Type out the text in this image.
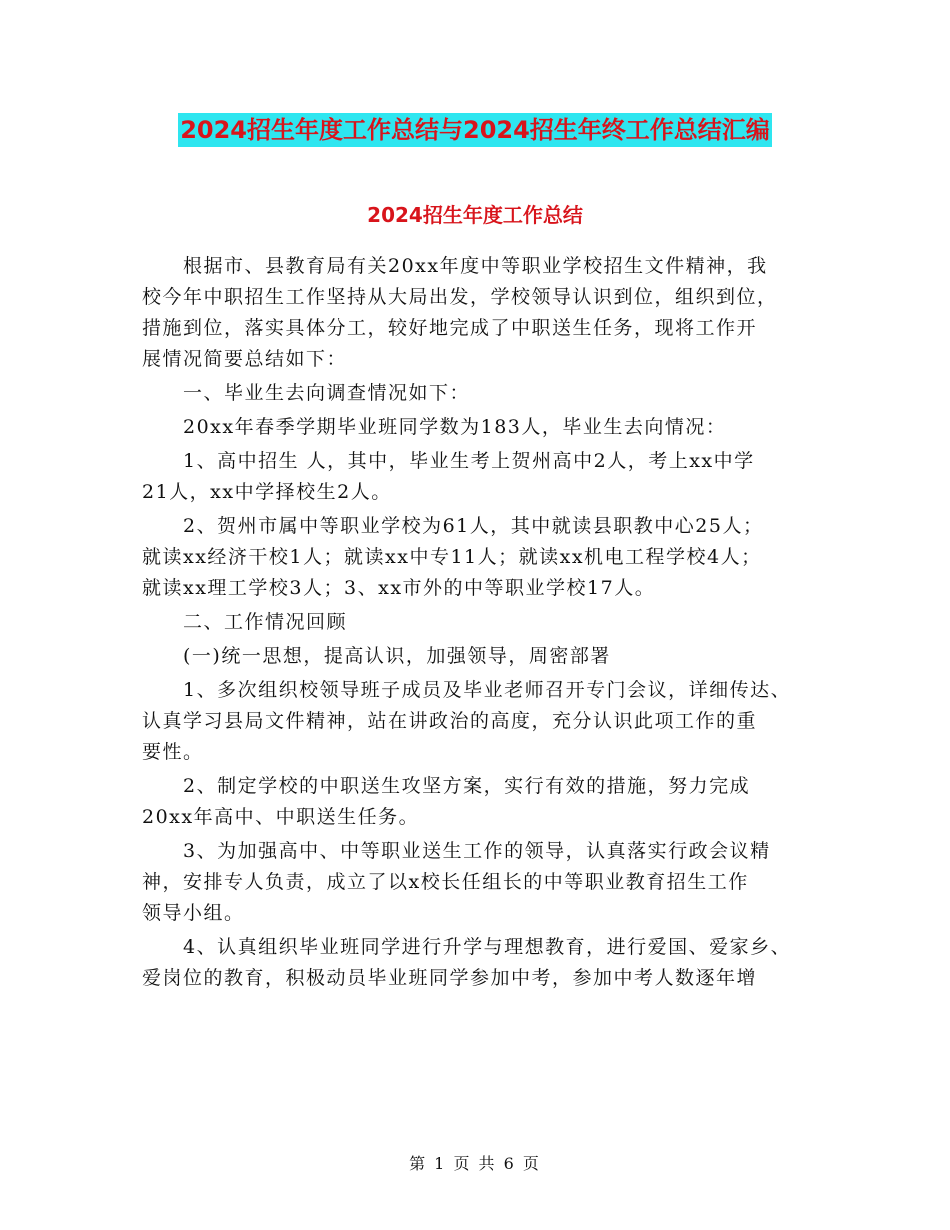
2024招生年度工作总结与2024招生年终工作总结汇编
2024招生年度工作总结
　　根据市、县教育局有关20xx年度中等职业学校招生文件精神，我
校今年中职招生工作坚持从大局出发，学校领导认识到位，组织到位，
措施到位，落实具体分工，较好地完成了中职送生任务，现将工作开
展情况简要总结如下：
　　一、毕业生去向调查情况如下：
　　20xx年春季学期毕业班同学数为183人，毕业生去向情况：
　　1、高中招生 人，其中，毕业生考上贺州高中2人，考上xx中学
21人，xx中学择校生2人。
　　2、贺州市属中等职业学校为61人，其中就读县职教中心25人；
就读xx经济干校1人；就读xx中专11人；就读xx机电工程学校4人；
就读xx理工学校3人；3、xx市外的中等职业学校17人。
　　二、工作情况回顾
　　(一)统一思想，提高认识，加强领导，周密部署
　　1、多次组织校领导班子成员及毕业老师召开专门会议，详细传达、
认真学习县局文件精神，站在讲政治的高度，充分认识此项工作的重
要性。
　　2、制定学校的中职送生攻坚方案，实行有效的措施，努力完成
20xx年高中、中职送生任务。
　　3、为加强高中、中等职业送生工作的领导，认真落实行政会议精
神，安排专人负责，成立了以x校长任组长的中等职业教育招生工作
领导小组。
　　4、认真组织毕业班同学进行升学与理想教育，进行爱国、爱家乡、
爱岗位的教育，积极动员毕业班同学参加中考，参加中考人数逐年增
第 1 页 共 6 页
